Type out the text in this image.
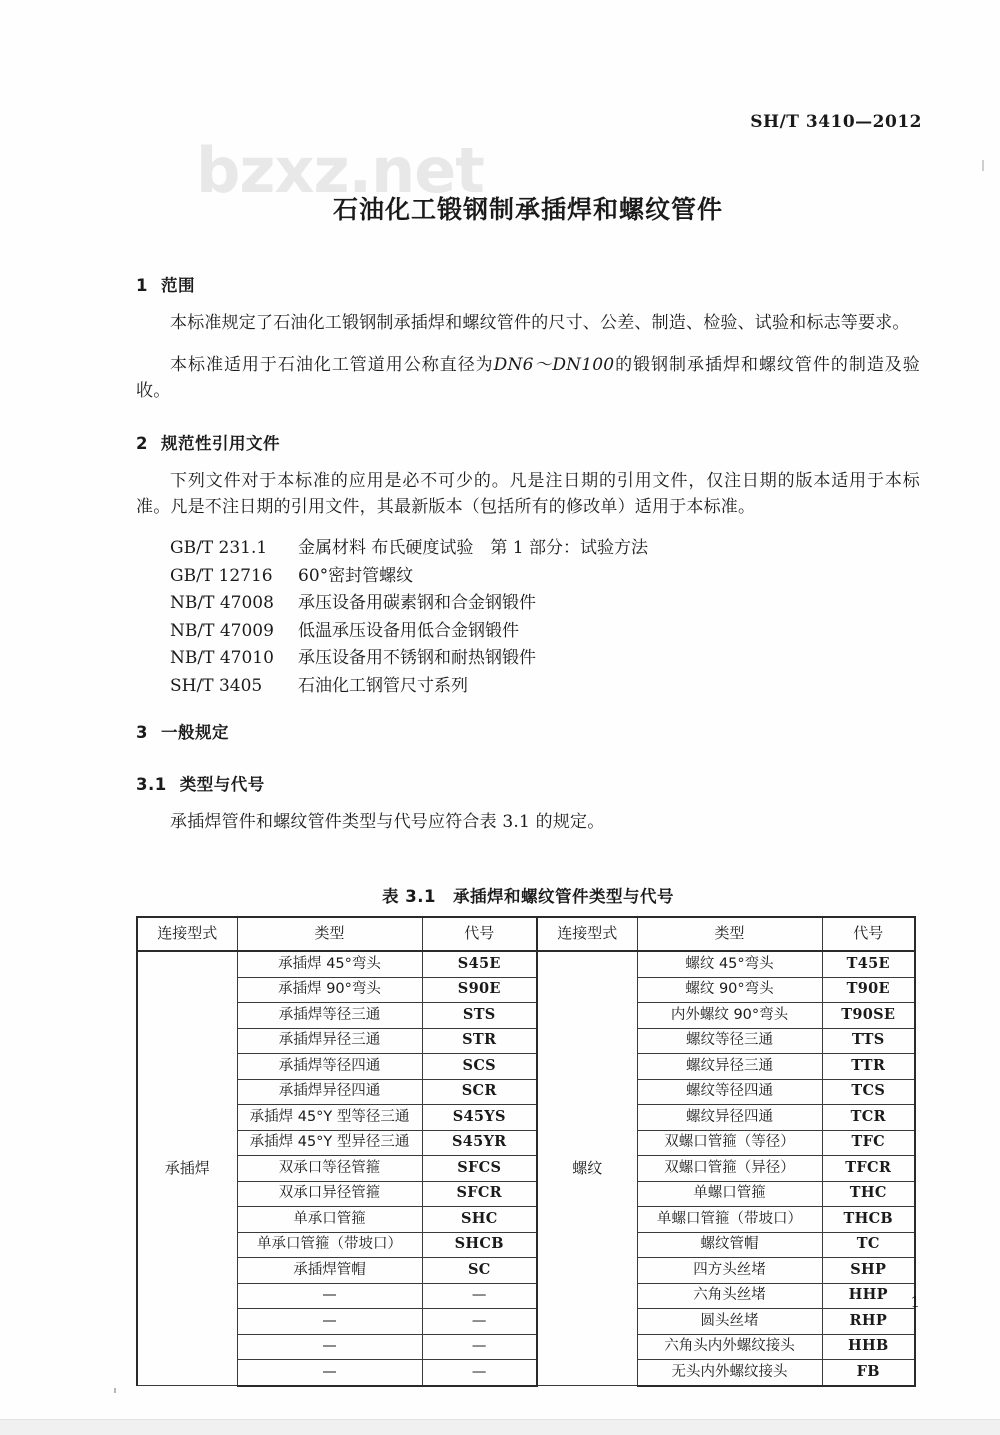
bzxz.net
SH/T 3410—2012
石油化工锻钢制承插焊和螺纹管件
1 范围

本标准规定了石油化工锻钢制承插焊和螺纹管件的尺寸、公差、制造、检验、试验和标志等要求。

本标准适用于石油化工管道用公称直径为DN6～DN100的锻钢制承插焊和螺纹管件的制造及验收。

2 规范性引用文件

下列文件对于本标准的应用是必不可少的。凡是注日期的引用文件，仅注日期的版本适用于本标准。凡是不注日期的引用文件，其最新版本（包括所有的修改单）适用于本标准。

GB/T 231.1	金属材料 布氏硬度试验　第 1 部分：试验方法
GB/T 12716	60°密封管螺纹
NB/T 47008	承压设备用碳素钢和合金钢锻件
NB/T 47009	低温承压设备用低合金钢锻件
NB/T 47010	承压设备用不锈钢和耐热钢锻件
SH/T 3405	石油化工钢管尺寸系列
3 一般规定
3.1 类型与代号

承插焊管件和螺纹管件类型与代号应符合表 3.1 的规定。

表 3.1　承插焊和螺纹管件类型与代号
连接型式	类型	代号	连接型式	类型	代号
承插焊	承插焊 45°弯头	S45E	螺纹	螺纹 45°弯头	T45E
	承插焊 90°弯头	S90E		螺纹 90°弯头	T90E
	承插焊等径三通	STS		内外螺纹 90°弯头	T90SE
	承插焊异径三通	STR		螺纹等径三通	TTS
	承插焊等径四通	SCS		螺纹异径三通	TTR
	承插焊异径四通	SCR		螺纹等径四通	TCS
	承插焊 45°Y 型等径三通	S45YS		螺纹异径四通	TCR
	承插焊 45°Y 型异径三通	S45YR		双螺口管箍（等径）	TFC
	双承口等径管箍	SFCS		双螺口管箍（异径）	TFCR
	双承口异径管箍	SFCR		单螺口管箍	THC
	单承口管箍	SHC		单螺口管箍（带坡口）	THCB
	单承口管箍（带坡口）	SHCB		螺纹管帽	TC
	承插焊管帽	SC		四方头丝堵	SHP
	—	—		六角头丝堵	HHP
	—	—		圆头丝堵	RHP
	—	—		六角头内外螺纹接头	HHB
	—	—		无头内外螺纹接头	FB
1
